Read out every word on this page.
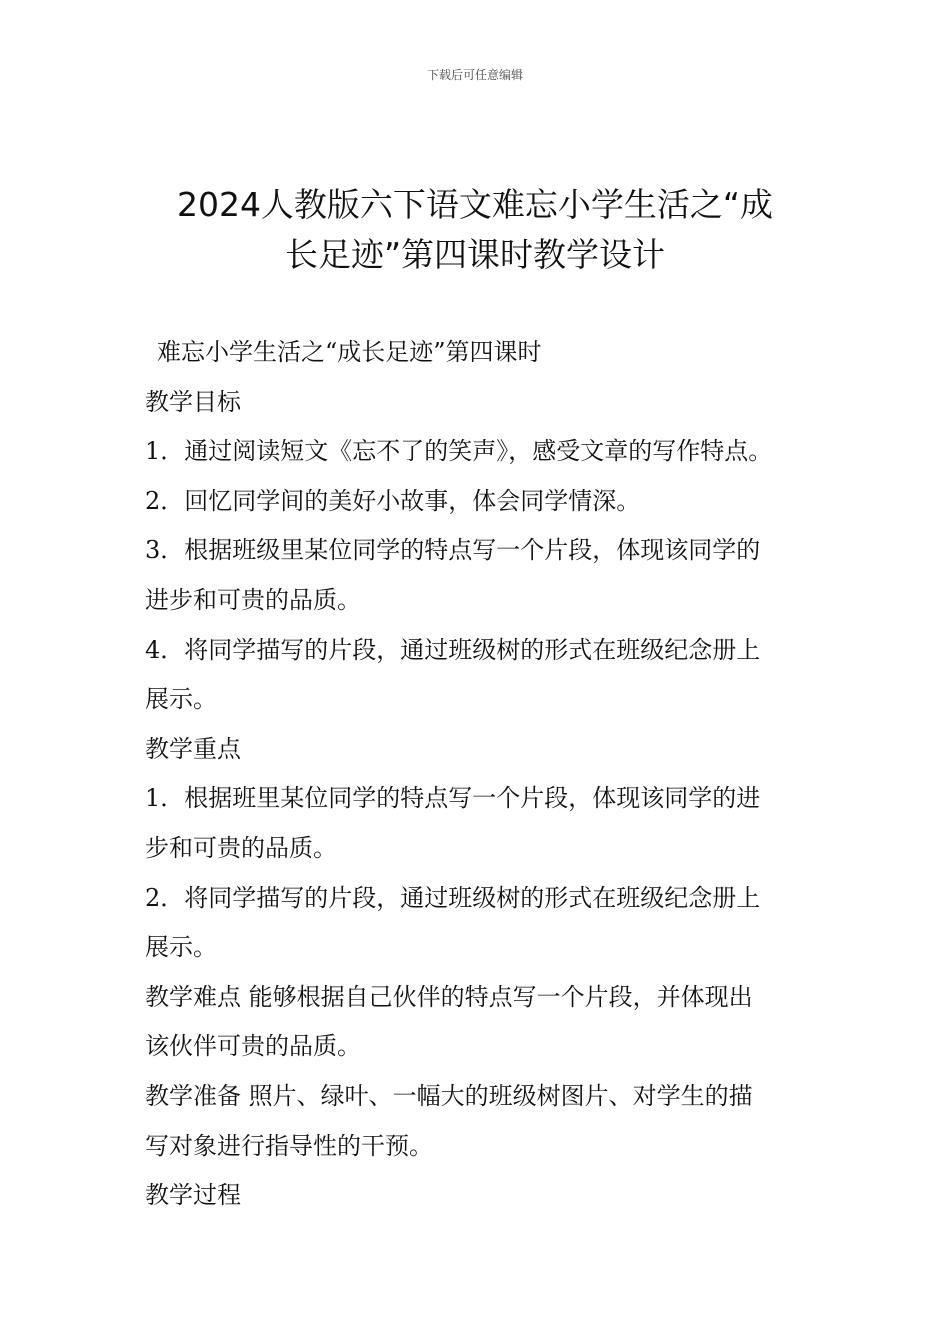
下载后可任意编辑
2024人教版六下语文难忘小学生活之“成
长足迹”第四课时教学设计
难忘小学生活之“成长足迹”第四课时
教学目标
1．通过阅读短文《忘不了的笑声》，感受文章的写作特点。
2．回忆同学间的美好小故事，体会同学情深。
3．根据班级里某位同学的特点写一个片段，体现该同学的
进步和可贵的品质。
4．将同学描写的片段，通过班级树的形式在班级纪念册上
展示。
教学重点
1．根据班里某位同学的特点写一个片段，体现该同学的进
步和可贵的品质。
2．将同学描写的片段，通过班级树的形式在班级纪念册上
展示。
教学难点 能够根据自己伙伴的特点写一个片段，并体现出
该伙伴可贵的品质。
教学准备 照片、绿叶、一幅大的班级树图片、对学生的描
写对象进行指导性的干预。
教学过程
